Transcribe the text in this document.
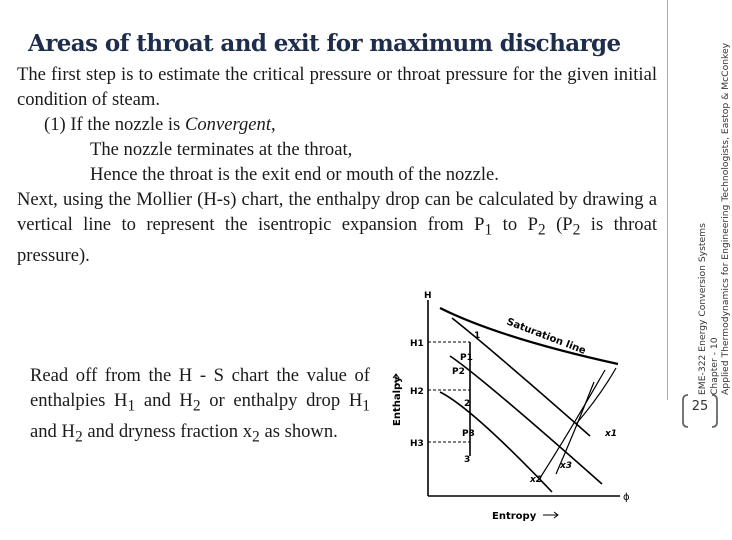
Areas of throat and exit for maximum discharge

The first step is to estimate the critical pressure or throat pressure for the given initial condition of steam.

(1) If the nozzle is Convergent,

The nozzle terminates at the throat,

Hence the throat is the exit end or mouth of the nozzle.

Next, using the Mollier (H-s) chart, the enthalpy drop can be calculated by drawing a vertical line to represent the isentropic expansion from $P_1$ to $P_2$ ($P_2$ is throat pressure).

Read off from the H - S chart the value of enthalpies $H_1$ and $H_2$ or enthalpy drop $H_1$ and $H_2$ and dryness fraction $x_2$ as shown.

H
ϕ
Enthalpy
Entropy
Saturation line
H1
H2
H3
1
2
3
P1
P2
P3	x1
x2
x3
EME-322 Energy Conversion Systems Chapter - 10 Applied Thermodynamics for Engineering Technologists, Eastop & McConkey
25
